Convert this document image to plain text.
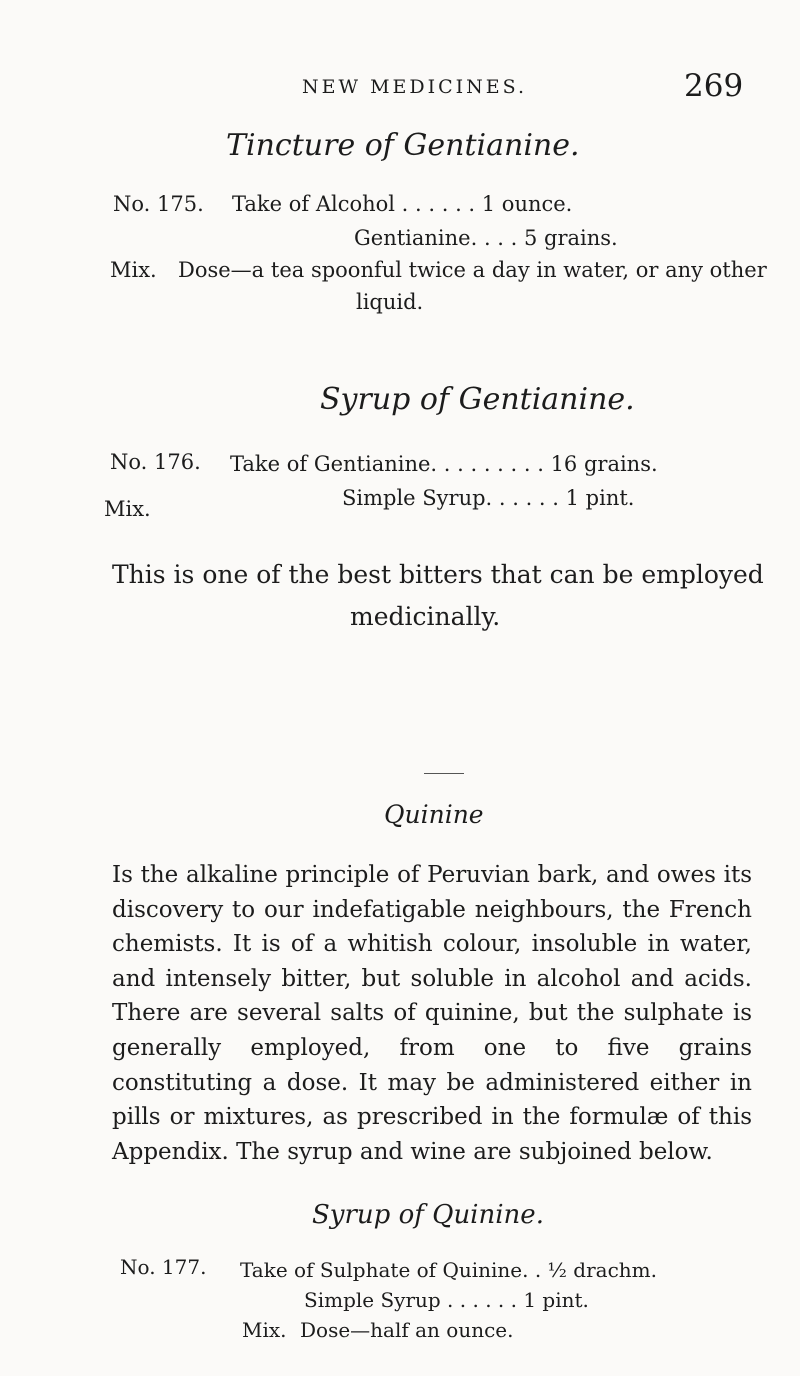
NEW MEDICINES.	269
Tincture of Gentianine.
No. 175. Take of Alcohol . . . . . . 1 ounce.
Gentianine. . . . 5 grains.
Mix. Dose—a tea spoonful twice a day in water, or any other
liquid.
Syrup of Gentianine.
No. 176. Take of Gentianine. . . . . . . . . 16 grains.
Simple Syrup. . . . . . 1 pint.
Mix.
This is one of the best bitters that can be employed
medicinally.
Quinine

Is the alkaline principle of Peruvian bark, and owes its discovery to our indefatigable neighbours, the French chemists. It is of a whitish colour, insoluble in water, and intensely bitter, but soluble in alcohol and acids. There are several salts of quinine, but the sulphate is generally employed, from one to five grains constituting a dose. It may be administered either in pills or mixtures, as prescribed in the formulæ of this Appendix. The syrup and wine are subjoined below.

Syrup of Quinine.
No. 177. Take of Sulphate of Quinine. . ½ drachm.
Simple Syrup . . . . . . 1 pint.
Mix. Dose—half an ounce.
